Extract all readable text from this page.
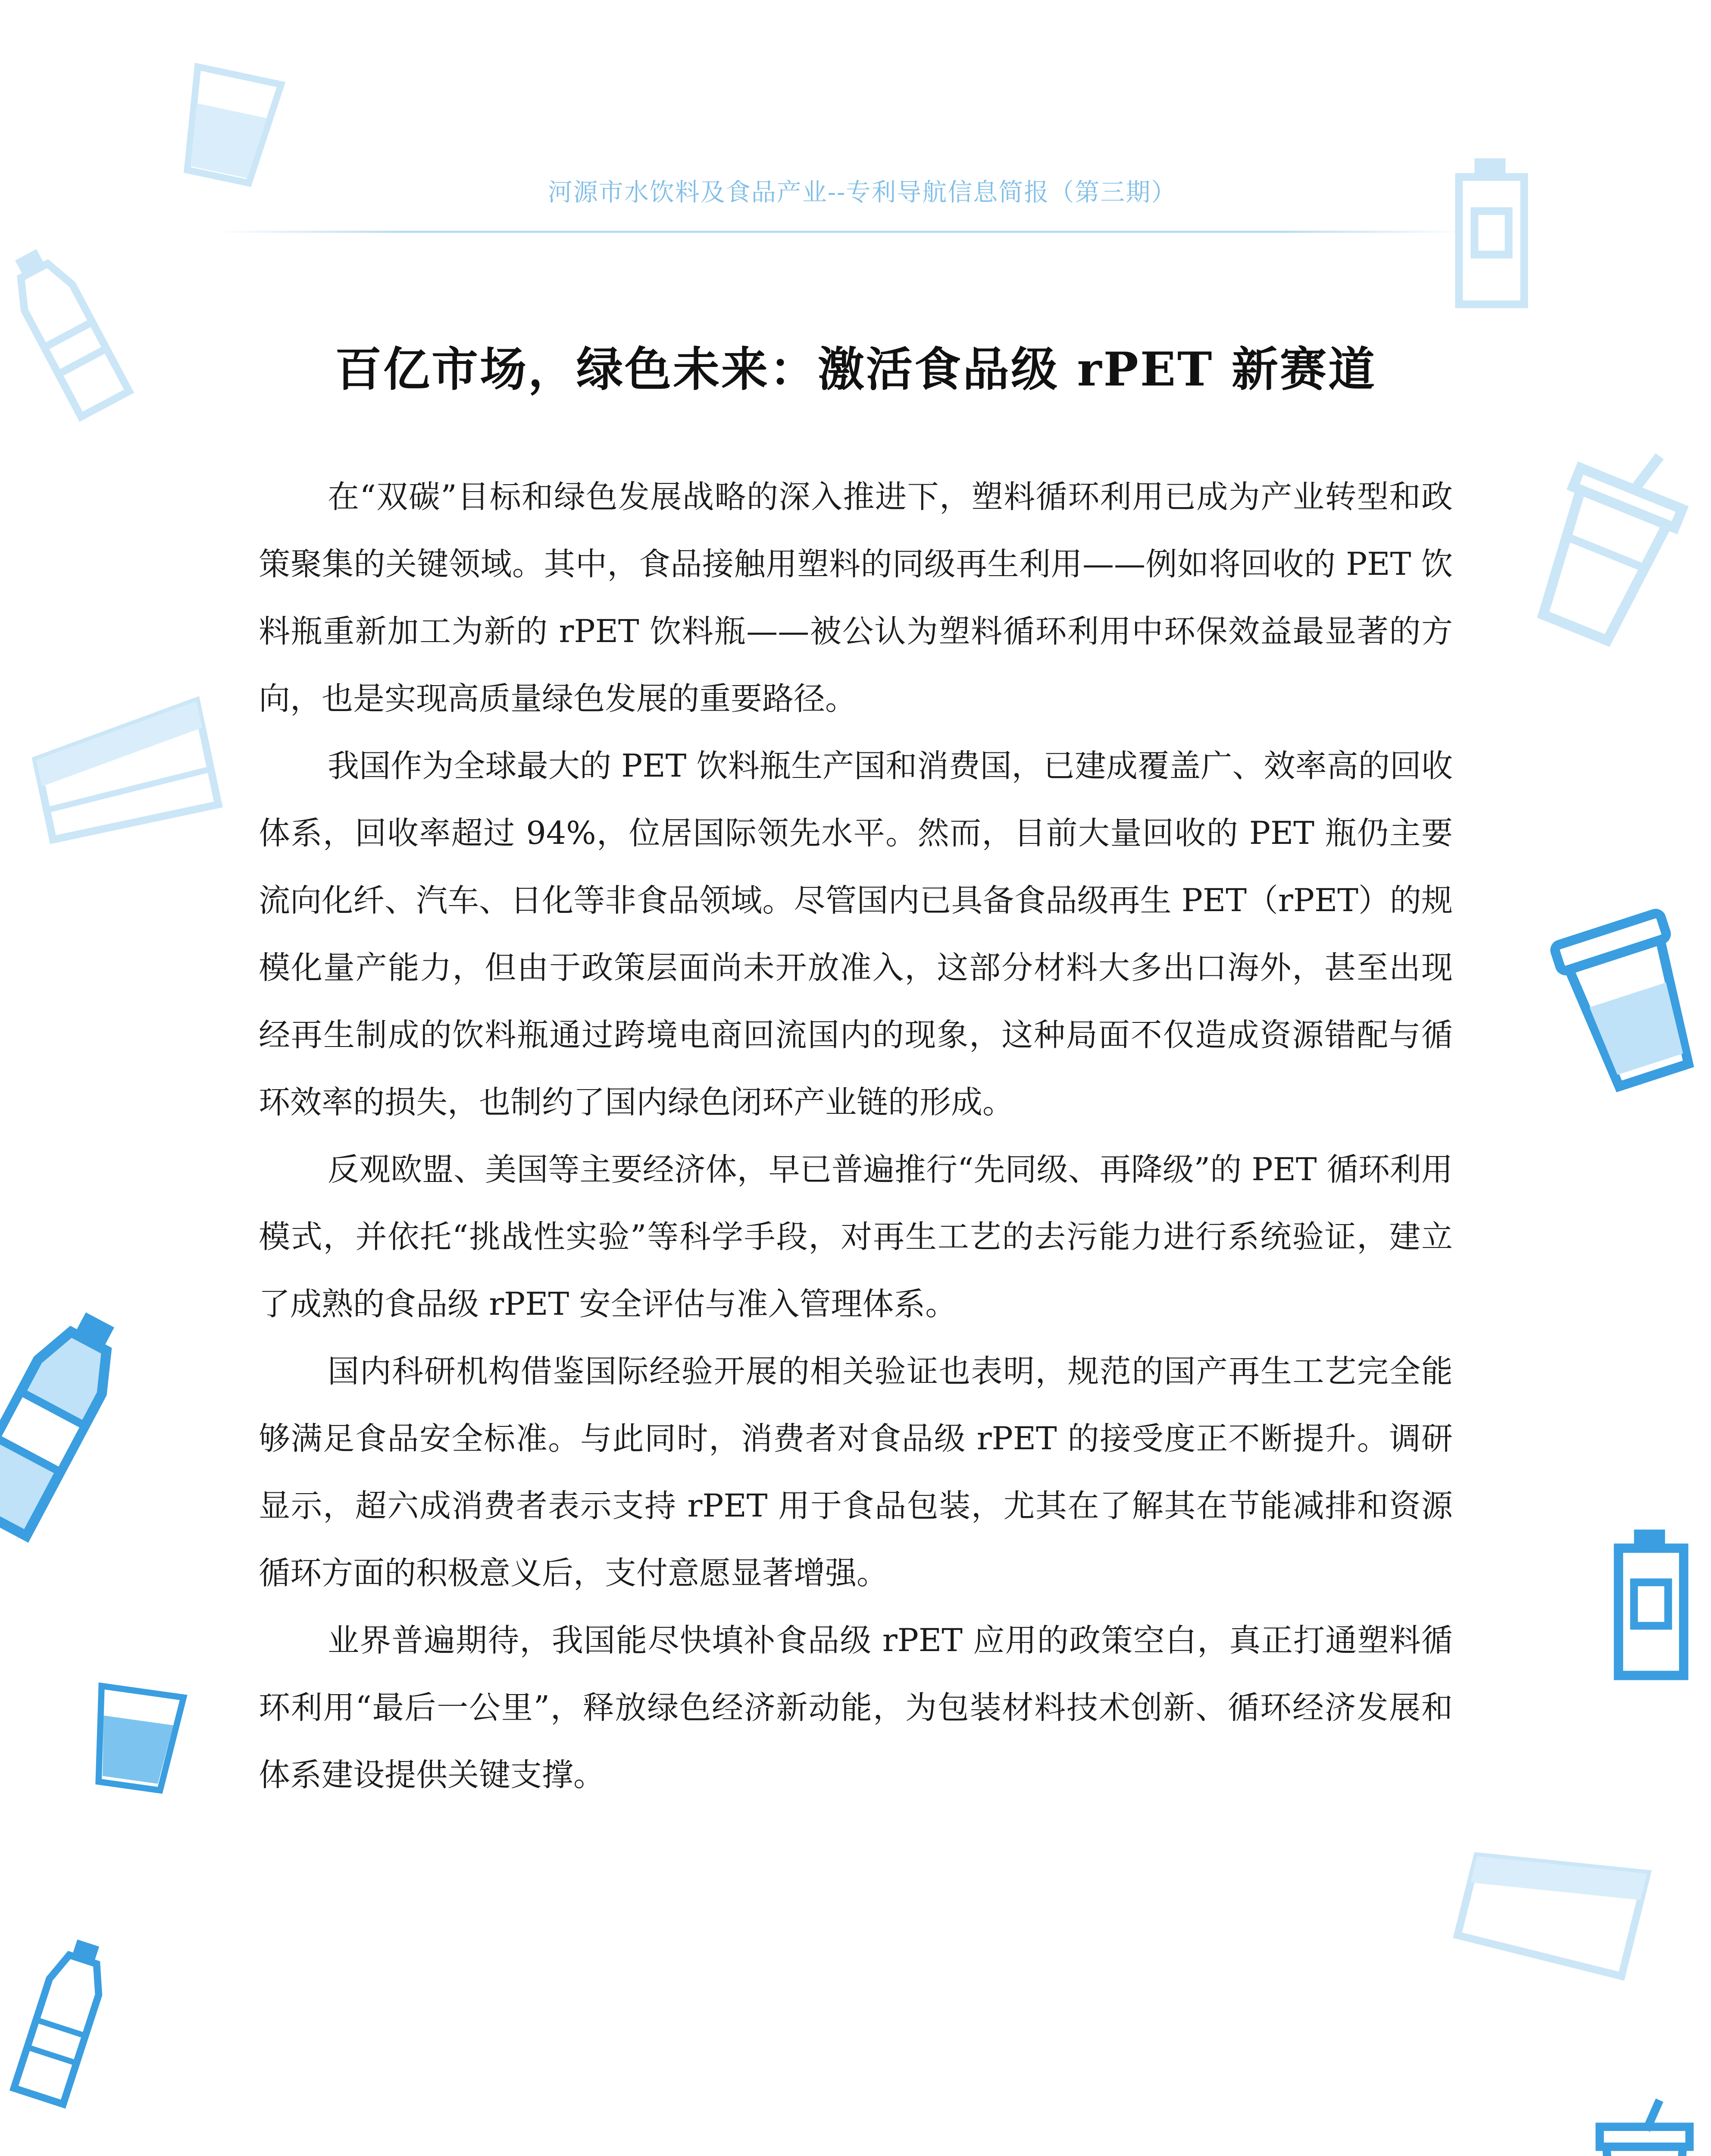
河源市水饮料及食品产业--专利导航信息简报（第三期）
百亿市场，绿色未来：激活食品级 rPET 新赛道

在“双碳”目标和绿色发展战略的深入推进下，塑料循环利用已成为产业转型和政策聚集的关键领域。其中，食品接触用塑料的同级再生利用——例如将回收的 PET 饮料瓶重新加工为新的 rPET 饮料瓶——被公认为塑料循环利用中环保效益最显著的方向，也是实现高质量绿色发展的重要路径。

我国作为全球最大的 PET 饮料瓶生产国和消费国，已建成覆盖广、效率高的回收体系，回收率超过 94%，位居国际领先水平。然而，目前大量回收的 PET 瓶仍主要流向化纤、汽车、日化等非食品领域。尽管国内已具备食品级再生 PET（rPET）的规模化量产能力，但由于政策层面尚未开放准入，这部分材料大多出口海外，甚至出现经再生制成的饮料瓶通过跨境电商回流国内的现象，这种局面不仅造成资源错配与循环效率的损失，也制约了国内绿色闭环产业链的形成。

反观欧盟、美国等主要经济体，早已普遍推行“先同级、再降级”的 PET 循环利用模式，并依托“挑战性实验”等科学手段，对再生工艺的去污能力进行系统验证，建立了成熟的食品级 rPET 安全评估与准入管理体系。

国内科研机构借鉴国际经验开展的相关验证也表明，规范的国产再生工艺完全能够满足食品安全标准。与此同时，消费者对食品级 rPET 的接受度正不断提升。调研显示，超六成消费者表示支持 rPET 用于食品包装，尤其在了解其在节能减排和资源循环方面的积极意义后，支付意愿显著增强。

业界普遍期待，我国能尽快填补食品级 rPET 应用的政策空白，真正打通塑料循环利用“最后一公里”，释放绿色经济新动能，为包装材料技术创新、循环经济发展和体系建设提供关键支撑。
